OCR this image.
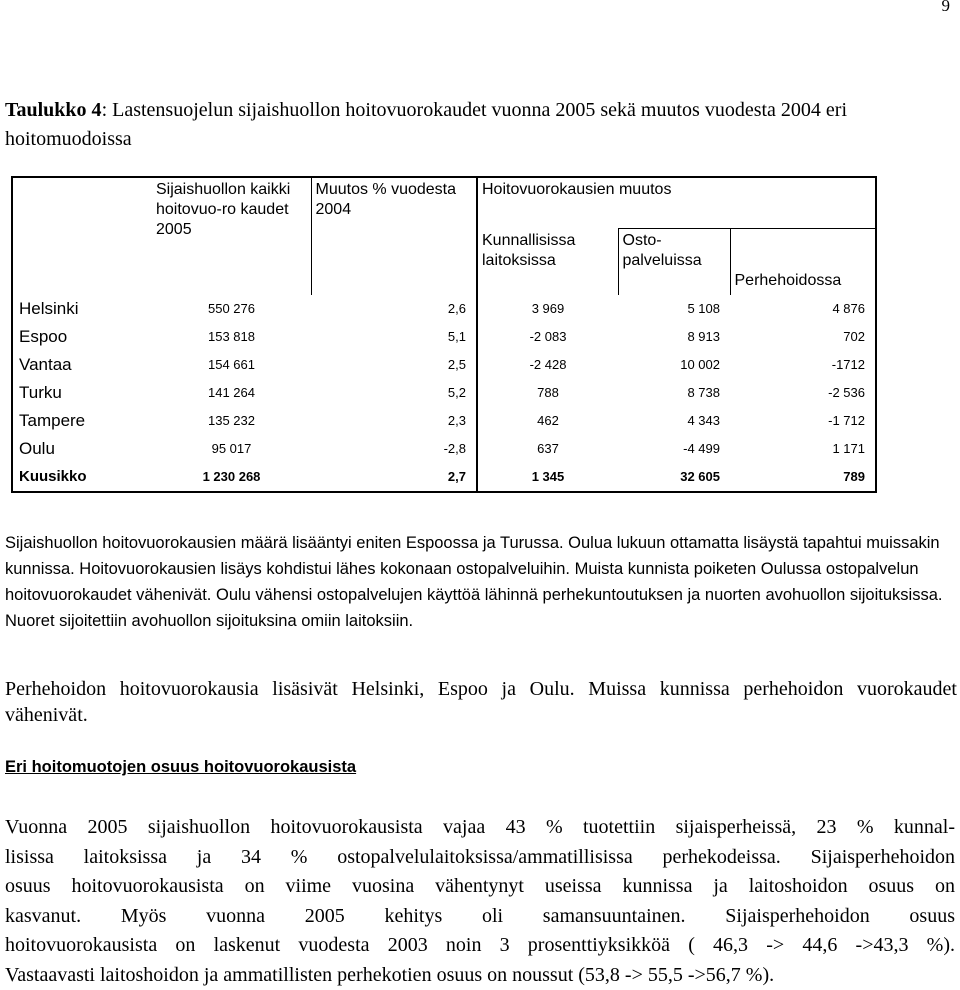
9
Taulukko 4: Lastensuojelun sijaishuollon hoitovuorokaudet vuonna 2005 sekä muutos vuodesta 2004 eri hoitomuodoissa
	Sijaishuollon kaikki hoitovuo-ro kaudet 2005	Muutos % vuodesta 2004	Hoitovuorokausien muutos		
			Kunnallisissa laitoksissa	Osto-palveluissa	Perhehoidossa
Helsinki	550 276	2,6	3 969	5 108	4 876
Espoo	153 818	5,1	-2 083	8 913	702
Vantaa	154 661	2,5	-2 428	10 002	-1712
Turku	141 264	5,2	788	8 738	-2 536
Tampere	135 232	2,3	462	4 343	-1 712
Oulu	95 017	-2,8	637	-4 499	1 171
Kuusikko	1 230 268	2,7	1 345	32 605	789
Sijaishuollon hoitovuorokausien määrä lisääntyi eniten Espoossa ja Turussa. Oulua lukuun ottamatta lisäystä tapahtui muissakin kunnissa. Hoitovuorokausien lisäys kohdistui lähes kokonaan ostopalveluihin. Muista kunnista poiketen Oulussa ostopalvelun hoitovuorokaudet vähenivät. Oulu vähensi ostopalvelujen käyttöä lähinnä perhekuntoutuksen ja nuorten avohuollon sijoituksissa. Nuoret sijoitettiin avohuollon sijoituksina omiin laitoksiin.
Perhehoidon hoitovuorokausia lisäsivät Helsinki, Espoo ja Oulu. Muissa kunnissa perhehoidon vuorokaudet vähenivät.
Eri hoitomuotojen osuus hoitovuorokausista
Vuonna 2005 sijaishuollon hoitovuorokausista vajaa 43 % tuotettiin sijaisperheissä, 23 % kunnal-
lisissa laitoksissa ja 34 % ostopalvelulaitoksissa/ammatillisissa perhekodeissa. Sijaisperhehoidon
osuus hoitovuorokausista on viime vuosina vähentynyt useissa kunnissa ja laitoshoidon osuus on
kasvanut. Myös vuonna 2005 kehitys oli samansuuntainen. Sijaisperhehoidon osuus
hoitovuorokausista on laskenut vuodesta 2003 noin 3 prosenttiyksikköä ( 46,3 -> 44,6 ->43,3 %).
Vastaavasti laitoshoidon ja ammatillisten perhekotien osuus on noussut (53,8 -> 55,5 ->56,7 %).
